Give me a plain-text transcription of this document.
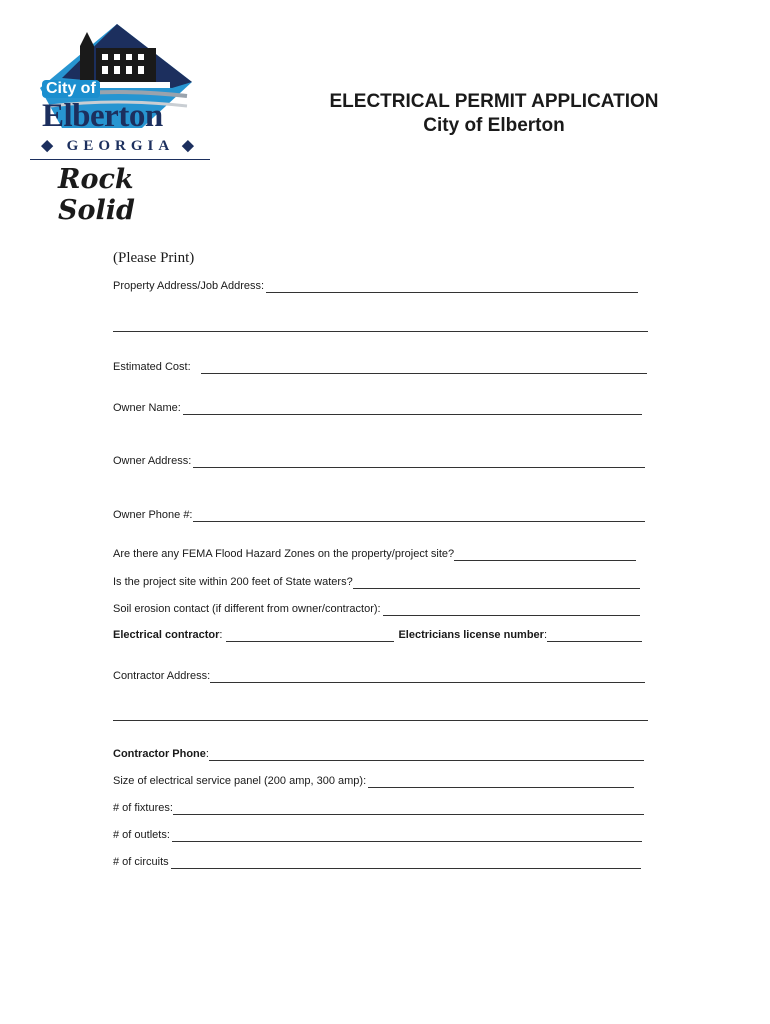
City of
Elberton
◆ GEORGIA ◆
Rock Solid
ELECTRICAL PERMIT APPLICATION
City of Elberton
(Please Print)
Property Address/Job Address:
Estimated Cost:
Owner Name:
Owner Address:
Owner Phone #:
Are there any FEMA Flood Hazard Zones on the property/project site?
Is the project site within 200 feet of State waters?
Soil erosion contact (if different from owner/contractor):
Electrical contractor :	Electricians license number :
Contractor Address:
Contractor Phone :
Size of electrical service panel (200 amp, 300 amp):
# of fixtures:
# of outlets:
# of circuits
